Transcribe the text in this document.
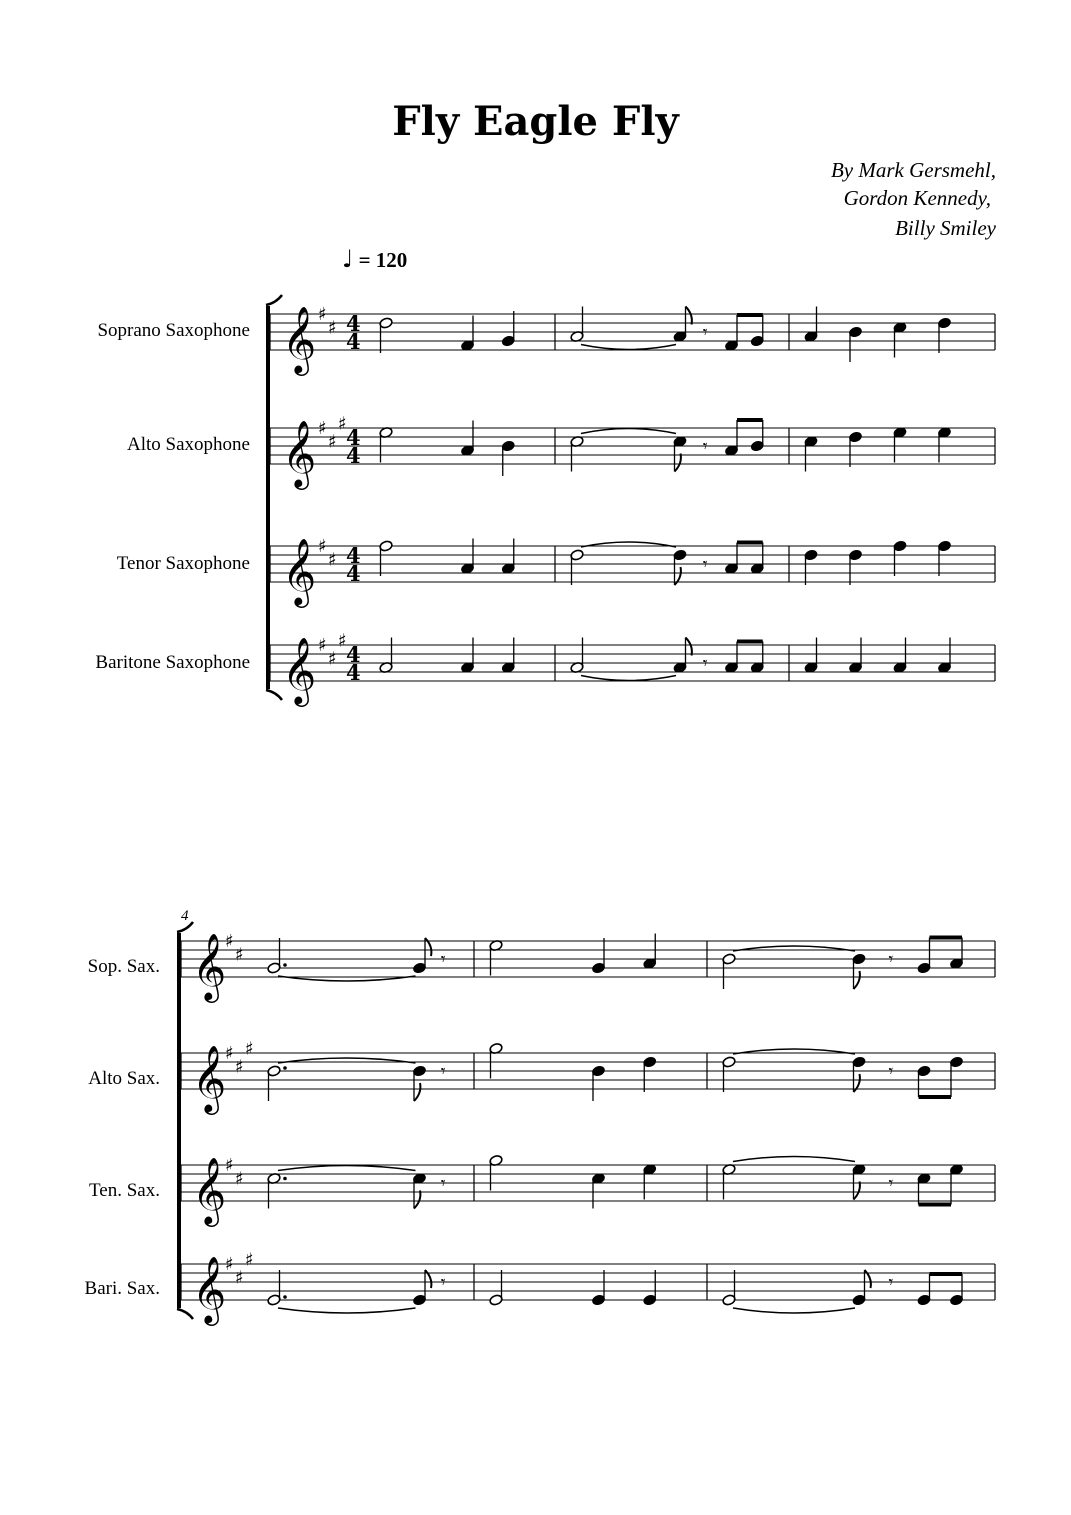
Fly Eagle Fly
By Mark Gersmehl,
Gordon Kennedy,
Billy Smiley
♩ = 120
Soprano Saxophone
Alto Saxophone
Tenor Saxophone
Baritone Saxophone
4
Sop. Sax.
Alto Sax.
Ten. Sax.
Bari. Sax.
𝄞 ♯
♯ 4
4	𝄾
𝄞 ♯
♯
♯
4
4	𝄾
𝄞 ♯
♯ 4
4	𝄾
𝄞 ♯
♯
♯
4
4	𝄾
𝄞
♯
♯	𝄾	𝄾
𝄞
♯
♯
♯
𝄾	𝄾
𝄞
♯
♯	𝄾	𝄾
𝄞
♯
♯
♯
𝄾	𝄾
